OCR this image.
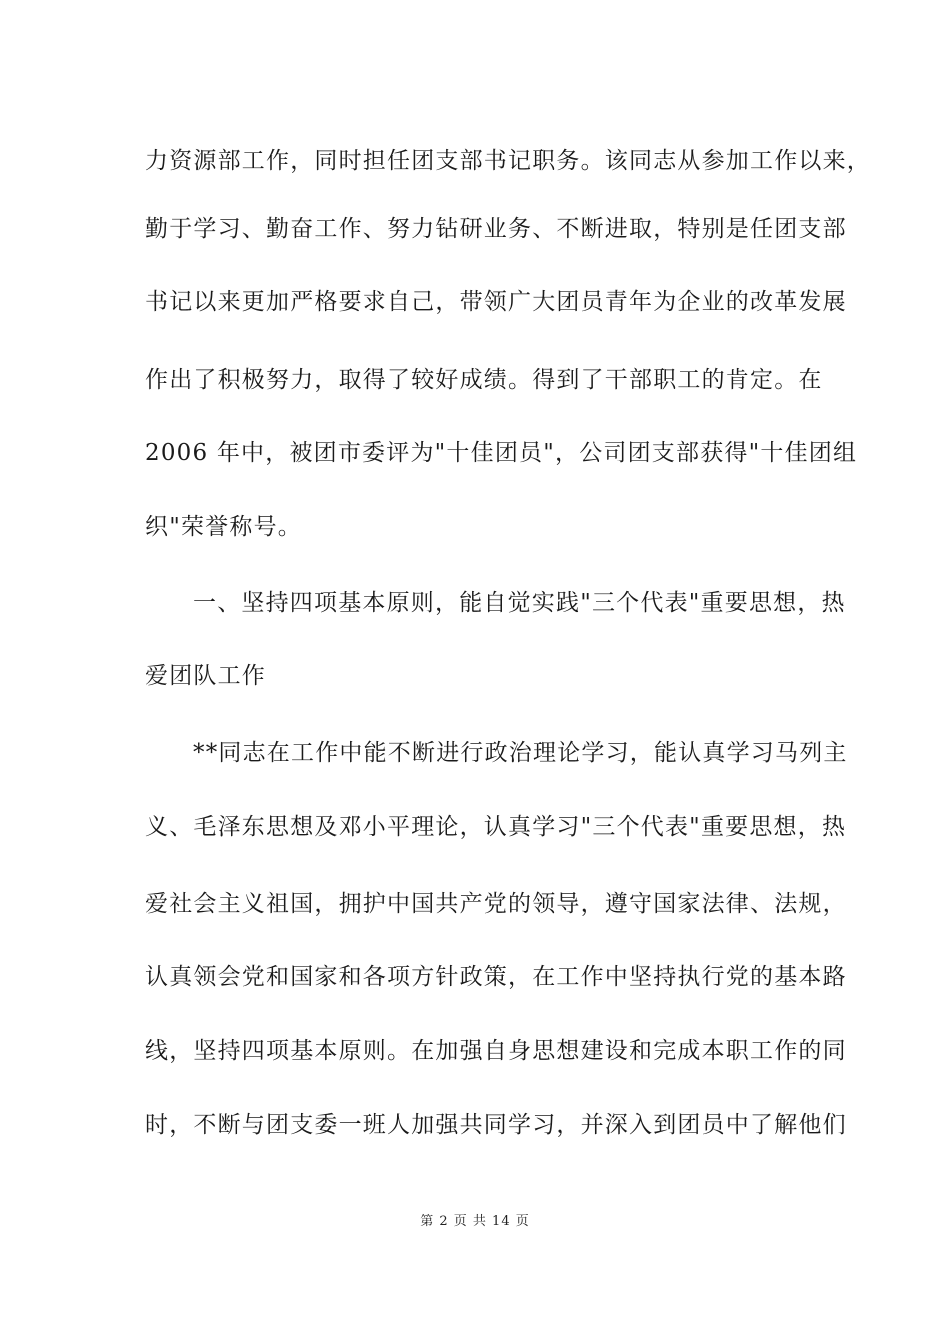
力资源部工作，同时担任团支部书记职务。该同志从参加工作以来，
勤于学习、勤奋工作、努力钻研业务、不断进取，特别是任团支部
书记以来更加严格要求自己，带领广大团员青年为企业的改革发展
作出了积极努力，取得了较好成绩。得到了干部职工的肯定。在
2006 年中，被团市委评为"十佳团员"，公司团支部获得"十佳团组
织"荣誉称号。
一、坚持四项基本原则，能自觉实践"三个代表"重要思想，热
爱团队工作
**同志在工作中能不断进行政治理论学习，能认真学习马列主
义、毛泽东思想及邓小平理论，认真学习"三个代表"重要思想，热
爱社会主义祖国，拥护中国共产党的领导，遵守国家法律、法规，
认真领会党和国家和各项方针政策，在工作中坚持执行党的基本路
线，坚持四项基本原则。在加强自身思想建设和完成本职工作的同
时，不断与团支委一班人加强共同学习，并深入到团员中了解他们
第 2 页 共 14 页
